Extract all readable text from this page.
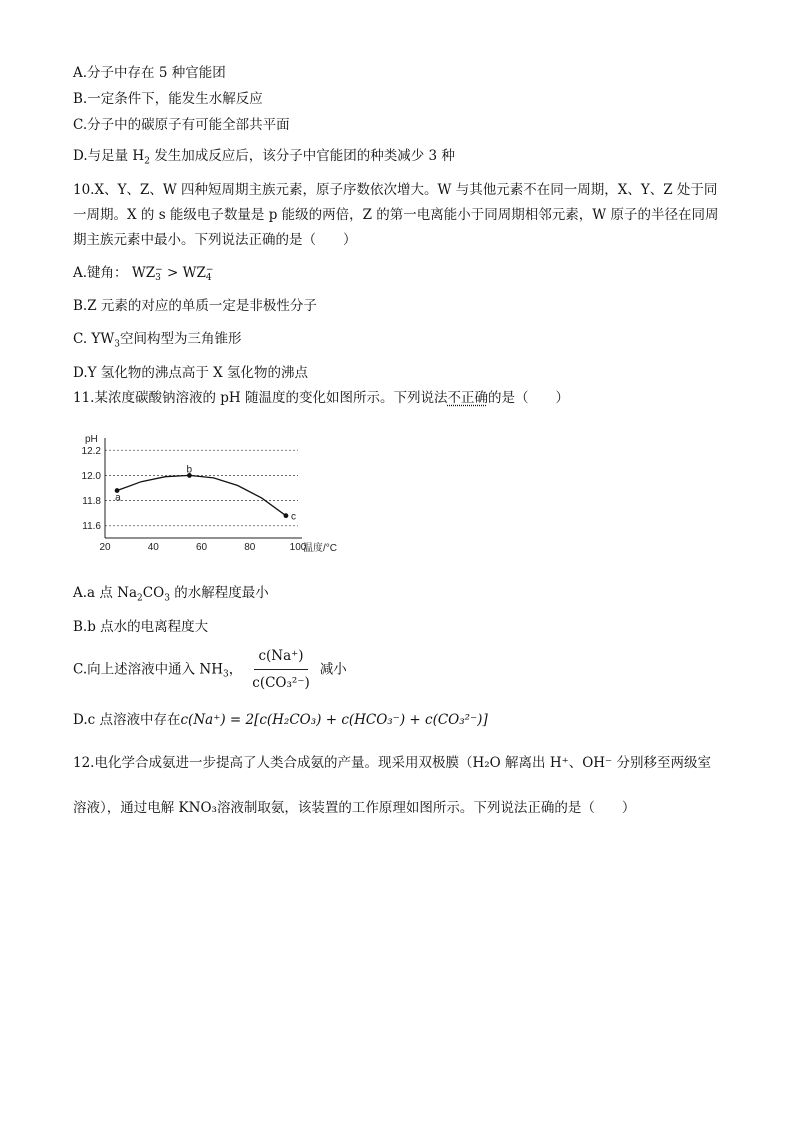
A.分子中存在 5 种官能团
B.一定条件下，能发生水解反应
C.分子中的碳原子有可能全部共平面
D.与足量 $H_2$ 发生加成反应后，该分子中官能团的种类减少 3 种
10.X、Y、Z、W 四种短周期主族元素，原子序数依次增大。W 与其他元素不在同一周期，X、Y、Z 处于同
一周期。X 的 s 能级电子数量是 p 能级的两倍，Z 的第一电离能小于同周期相邻元素，W 原子的半径在同周
期主族元素中最小。下列说法正确的是（　　）
A.键角： WZ −
3 > WZ −
4
B.Z 元素的对应的单质一定是非极性分子
C. $YW_3$空间构型为三角锥形
D.Y 氢化物的沸点高于 X 氢化物的沸点
11.某浓度碳酸钠溶液的 pH 随温度的变化如图所示。下列说法不正确的是（　　）
12.2
12.0
11.8
11.6
pH
20	40	60	80	100
温度/°C
a
b
c
A.a 点 $Na_2CO_3$ 的水解程度最小
B.b 点水的电离程度大
C.向上述溶液中通入 $NH_3$， $\frac{c(Na^+)}{\text{c(CO₃²⁻)}}$ 减小
D.c 点溶液中存在c(Na⁺) = 2[c(H₂CO₃) + c(HCO₃⁻) + c(CO₃²⁻)]
12.电化学合成氨进一步提高了人类合成氨的产量。现采用双极膜（H₂O 解离出 H⁺、OH⁻ 分别移至两级室
溶液），通过电解 KNO₃溶液制取氨，该装置的工作原理如图所示。下列说法正确的是（　　）
